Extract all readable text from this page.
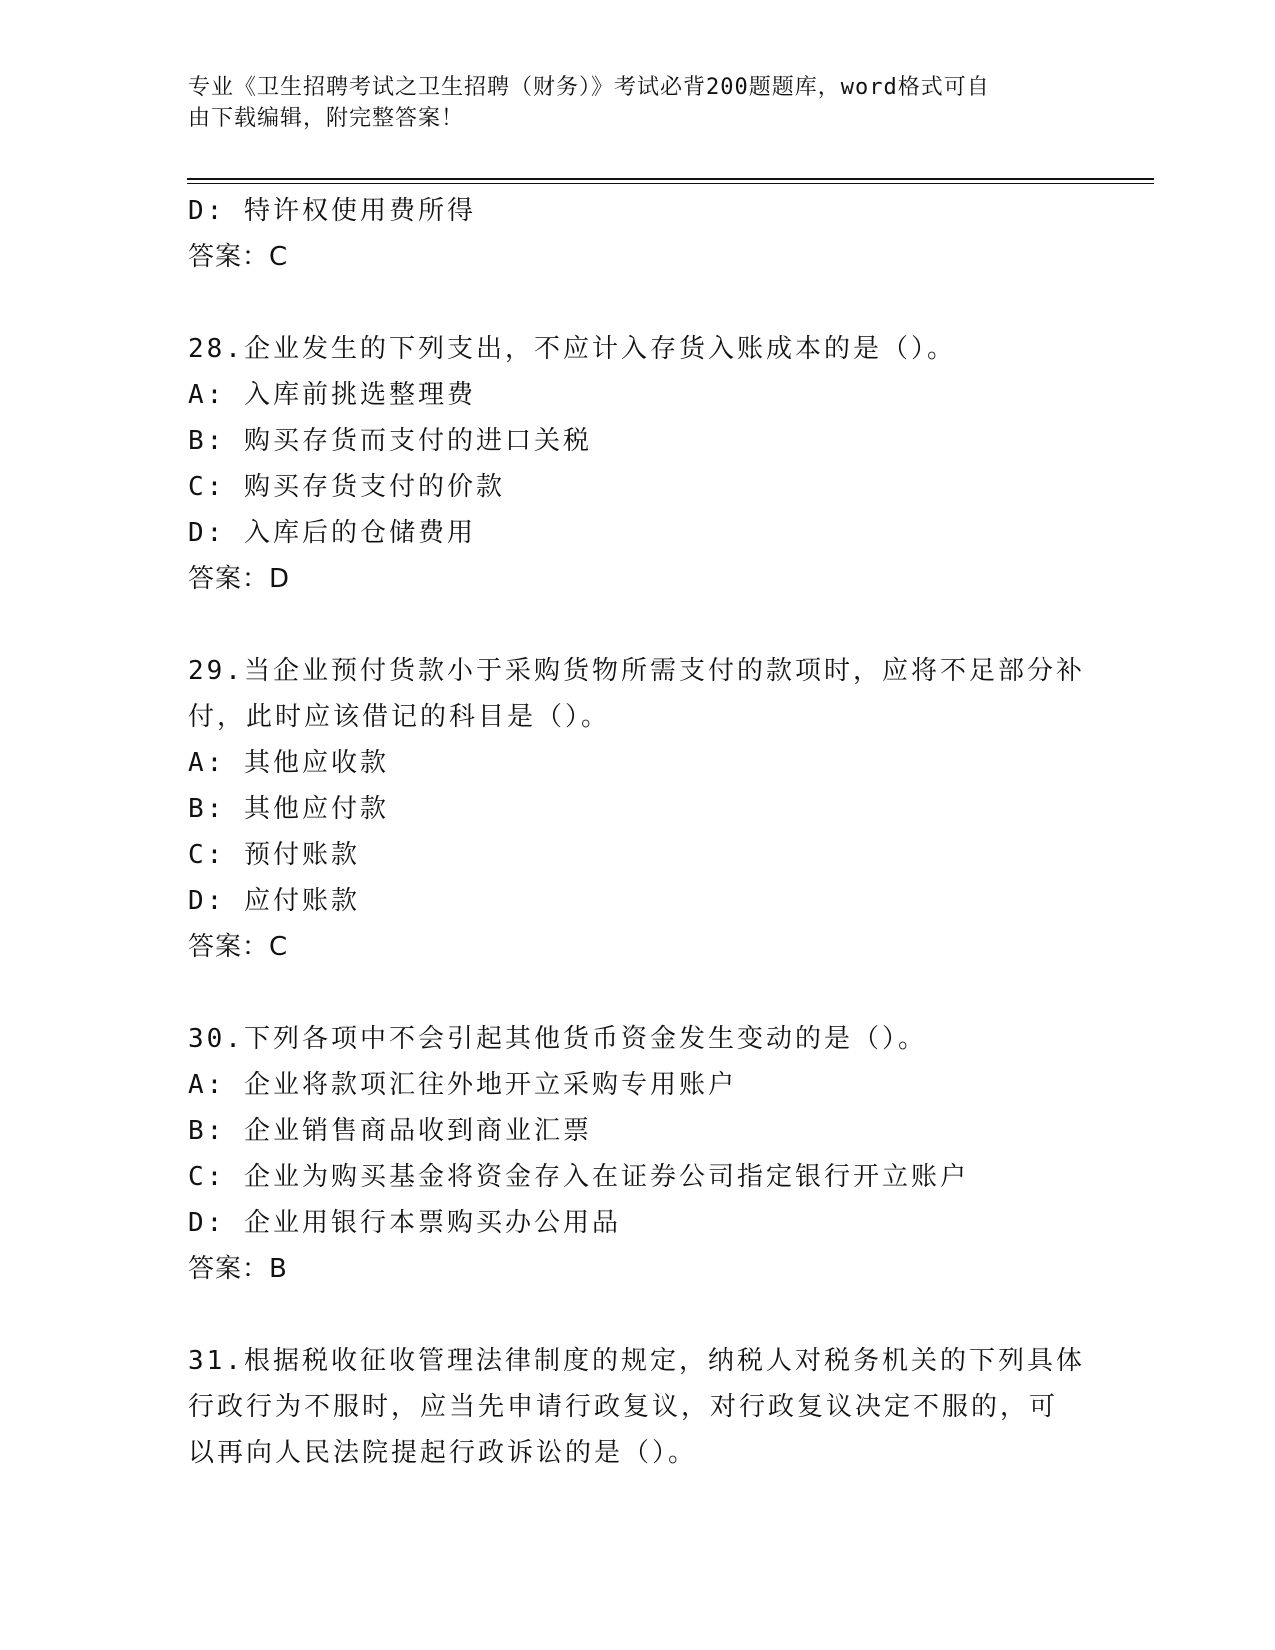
专业《卫生招聘考试之卫生招聘（财务）》考试必背200题题库，word格式可自
由下载编辑，附完整答案！
D: 特许权使用费所得
答案：C
28.企业发生的下列支出，不应计入存货入账成本的是（）。
A: 入库前挑选整理费
B: 购买存货而支付的进口关税
C: 购买存货支付的价款
D: 入库后的仓储费用
答案：D
29.当企业预付货款小于采购货物所需支付的款项时，应将不足部分补
付，此时应该借记的科目是（）。
A: 其他应收款
B: 其他应付款
C: 预付账款
D: 应付账款
答案：C
30.下列各项中不会引起其他货币资金发生变动的是（）。
A: 企业将款项汇往外地开立采购专用账户
B: 企业销售商品收到商业汇票
C: 企业为购买基金将资金存入在证券公司指定银行开立账户
D: 企业用银行本票购买办公用品
答案：B
31.根据税收征收管理法律制度的规定，纳税人对税务机关的下列具体
行政行为不服时，应当先申请行政复议，对行政复议决定不服的，可
以再向人民法院提起行政诉讼的是（）。
